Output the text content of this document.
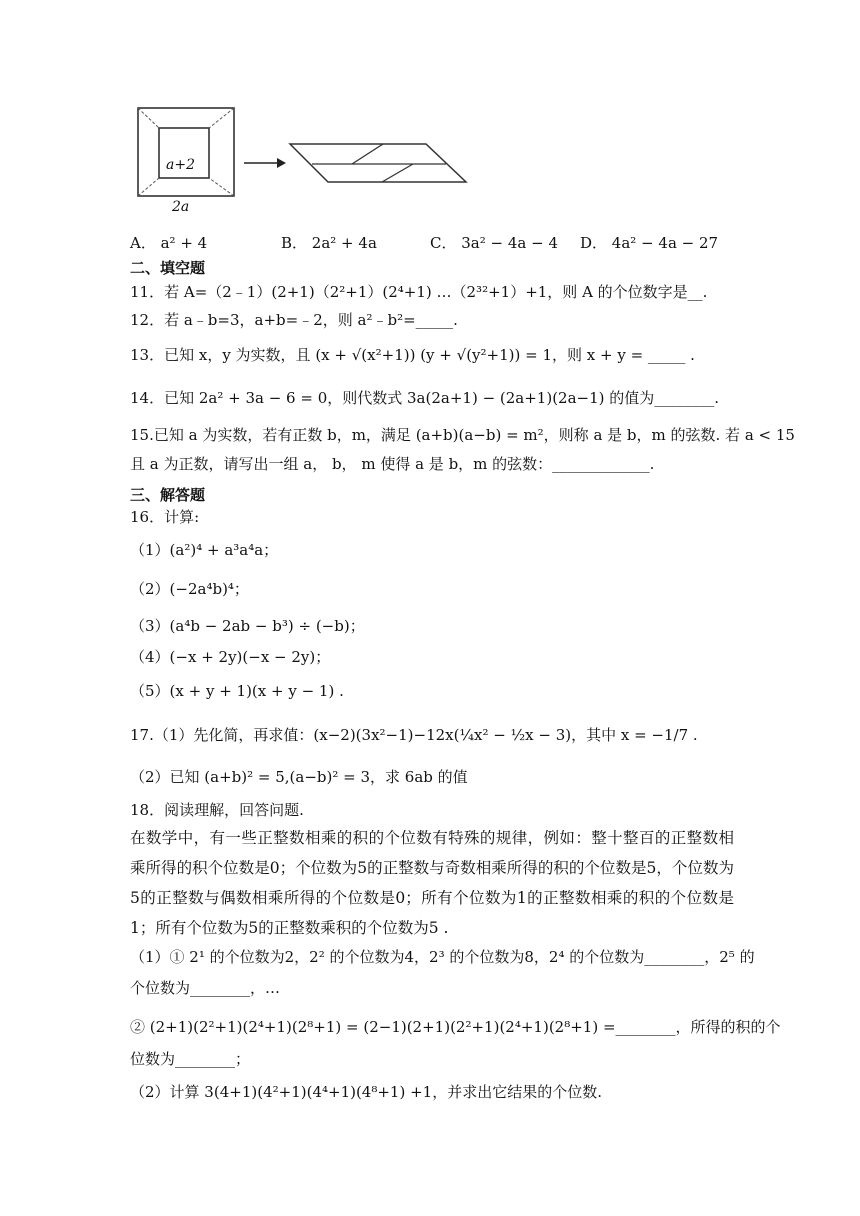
a+2
2a
A． a² + 4	B． 2a² + 4a	C． 3a² − 4a − 4 D． 4a² − 4a − 27
二、填空题
11．若 A=（2﹣1）(2+1)（2²+1）(2⁴+1) …（2³²+1）+1，则 A 的个位数字是__.
12．若 a﹣b=3，a+b=﹣2，则 a²﹣b²=_____.
13．已知 x，y 为实数，且 (x + √(x²+1)) (y + √(y²+1)) = 1，则 x + y = _____ .
14．已知 2a² + 3a − 6 = 0，则代数式 3a(2a+1) − (2a+1)(2a−1) 的值为________.
15.已知 a 为实数，若有正数 b，m，满足 (a+b)(a−b) = m²，则称 a 是 b，m 的弦数. 若 a < 15
且 a 为正数，请写出一组 a， b， m 使得 a 是 b，m 的弦数：_____________.
三、解答题
16．计算:
（1）(a²)⁴ + a³a⁴a；
（2）(−2a⁴b)⁴；
（3）(a⁴b − 2ab − b³) ÷ (−b)；
（4）(−x + 2y)(−x − 2y)；
（5）(x + y + 1)(x + y − 1) .
17.（1）先化简，再求值：(x−2)(3x²−1)−12x(¼x² − ½x − 3)，其中 x = −1/7 .
（2）已知 (a+b)² = 5,(a−b)² = 3，求 6ab 的值
18．阅读理解，回答问题.
在数学中，有一些正整数相乘的积的个位数有特殊的规律，例如：整十整百的正整数相乘所得的积个位数是0；个位数为5的正整数与奇数相乘所得的积的个位数是5，个位数为5的正整数与偶数相乘所得的个位数是0；所有个位数为1的正整数相乘的积的个位数是1；所有个位数为5的正整数乘积的个位数为5 .
（1）① 2¹ 的个位数为2，2² 的个位数为4，2³ 的个位数为8，2⁴ 的个位数为________，2⁵ 的
个位数为________，…
② (2+1)(2²+1)(2⁴+1)(2⁸+1) = (2−1)(2+1)(2²+1)(2⁴+1)(2⁸+1) =________，所得的积的个
位数为________；
（2）计算 3(4+1)(4²+1)(4⁴+1)(4⁸+1) +1，并求出它结果的个位数.
